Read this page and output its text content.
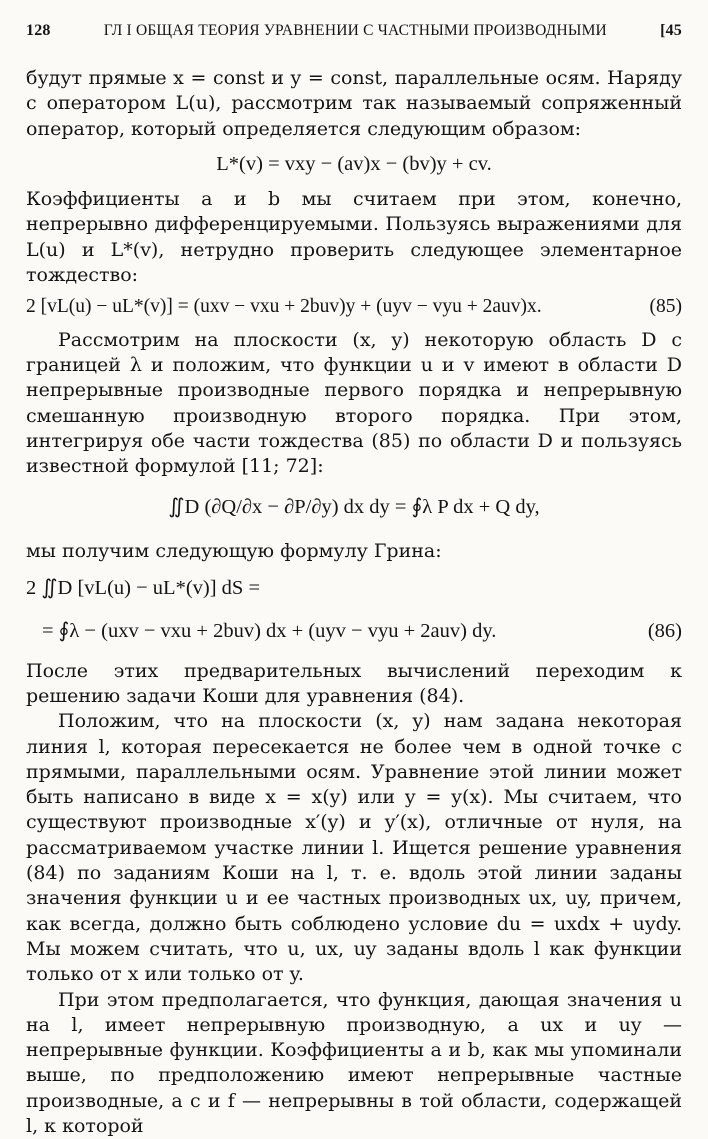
128	ГЛ I ОБЩАЯ ТЕОРИЯ УРАВНЕНИИ С ЧАСТНЫМИ ПРОИЗВОДНЫМИ	[45

будут прямые x = const и y = const, параллельные осям. Наряду с оператором L(u), рассмотрим так называемый сопряженный оператор, который определяется следующим образом:

L*(v) = vxy − (av)x − (bv)y + cv.

Коэффициенты a и b мы считаем при этом, конечно, непрерывно дифференцируемыми. Пользуясь выражениями для L(u) и L*(v), нетрудно проверить следующее элементарное тождество:

2 [vL(u) − uL*(v)] = (uxv − vxu + 2buv)y + (uyv − vyu + 2auv)x.	(85)

Рассмотрим на плоскости (x, y) некоторую область D с границей λ и положим, что функции u и v имеют в области D непрерывные производные первого порядка и непрерывную смешанную производную второго порядка. При этом, интегрируя обе части тождества (85) по области D и пользуясь известной формулой [11; 72]:

∬D (∂Q/∂x − ∂P/∂y) dx dy = ∮λ P dx + Q dy,

мы получим следующую формулу Грина:

2 ∬D [vL(u) − uL*(v)] dS =
= ∮λ − (uxv − vxu + 2buv) dx + (uyv − vyu + 2auv) dy.	(86)

После этих предварительных вычислений переходим к решению задачи Коши для уравнения (84).

Положим, что на плоскости (x, y) нам задана некоторая линия l, которая пересекается не более чем в одной точке с прямыми, параллельными осям. Уравнение этой линии может быть написано в виде x = x(y) или y = y(x). Мы считаем, что существуют производные x′(y) и y′(x), отличные от нуля, на рассматриваемом участке линии l. Ищется решение уравнения (84) по заданиям Коши на l, т. е. вдоль этой линии заданы значения функции u и ее частных производных ux, uy, причем, как всегда, должно быть соблюдено условие du = uxdx + uydy. Мы можем считать, что u, ux, uy заданы вдоль l как функции только от x или только от y.

При этом предполагается, что функция, дающая значения u на l, имеет непрерывную производную, а ux и uy — непрерывные функции. Коэффициенты a и b, как мы упоминали выше, по предположению имеют непрерывные частные производные, а c и f — непрерывны в той области, содержащей l, к которой
